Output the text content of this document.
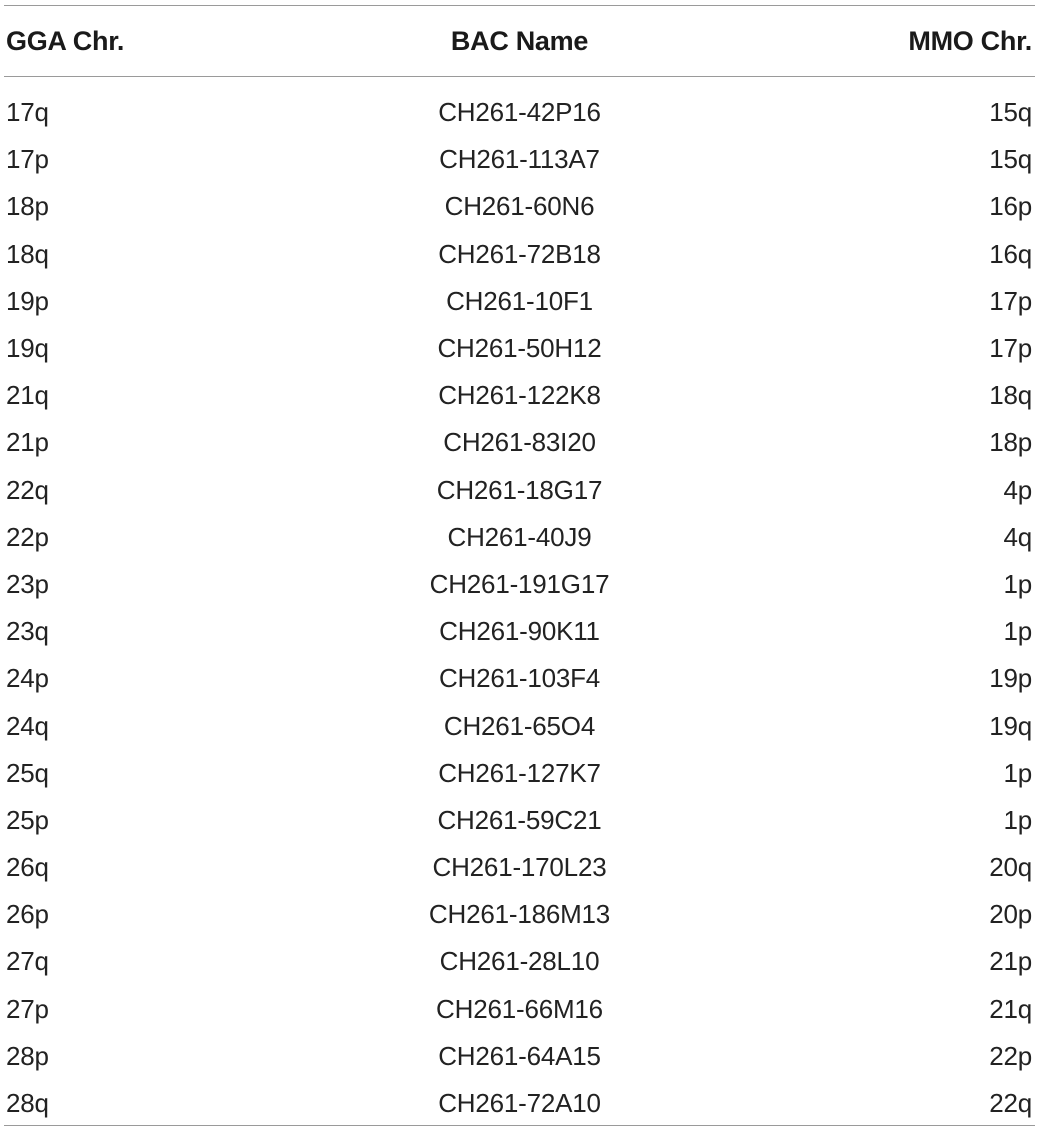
GGA Chr.	BAC Name	MMO Chr.
17q	CH261-42P16	15q
17p	CH261-113A7	15q
18p	CH261-60N6	16p
18q	CH261-72B18	16q
19p	CH261-10F1	17p
19q	CH261-50H12	17p
21q	CH261-122K8	18q
21p	CH261-83I20	18p
22q	CH261-18G17	4p
22p	CH261-40J9	4q
23p	CH261-191G17	1p
23q	CH261-90K11	1p
24p	CH261-103F4	19p
24q	CH261-65O4	19q
25q	CH261-127K7	1p
25p	CH261-59C21	1p
26q	CH261-170L23	20q
26p	CH261-186M13	20p
27q	CH261-28L10	21p
27p	CH261-66M16	21q
28p	CH261-64A15	22p
28q	CH261-72A10	22q
